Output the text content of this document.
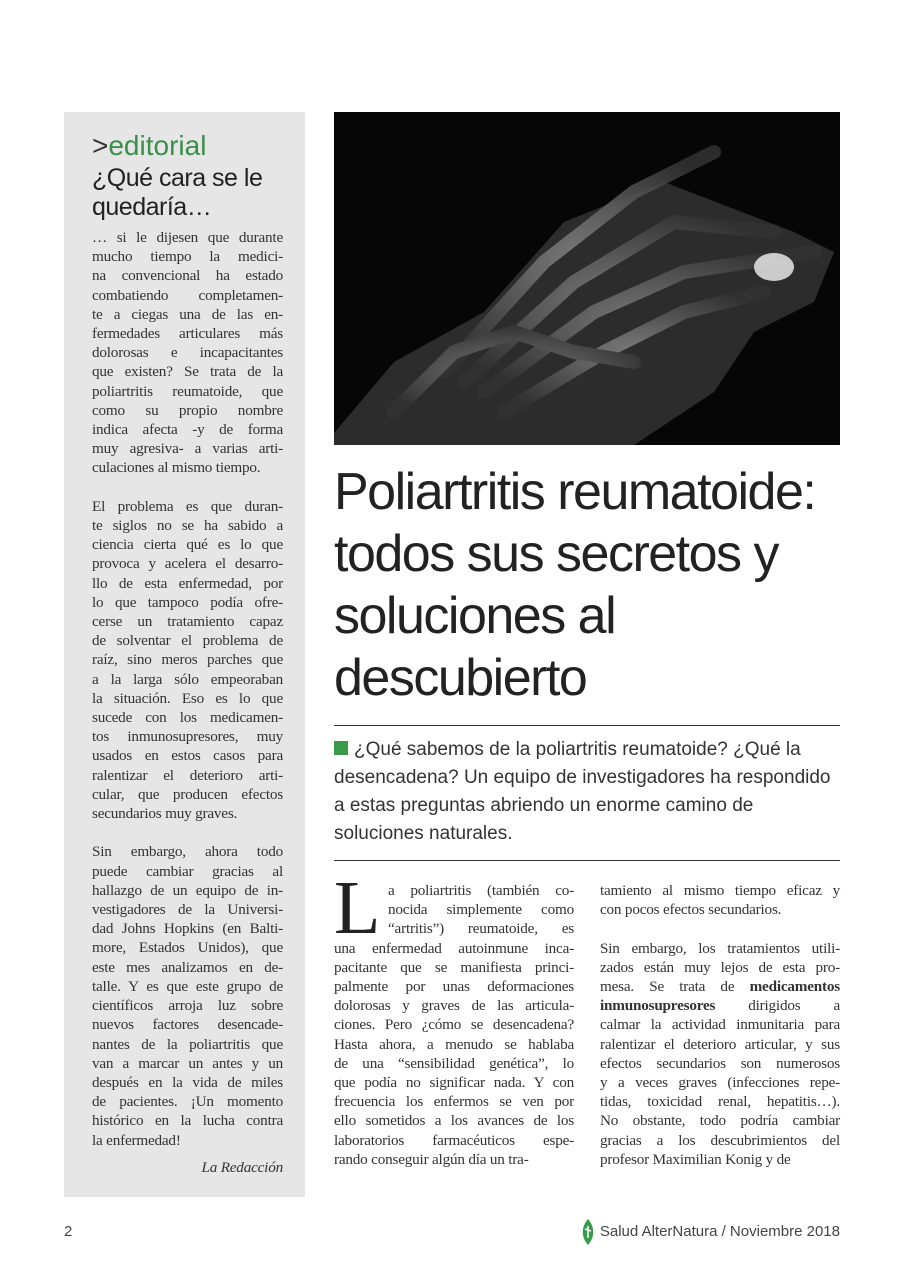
>editorial
¿Qué cara se le quedaría…
… si le dijesen que durante
mucho tiempo la medici-
na convencional ha estado
combatiendo completamen-
te a ciegas una de las en-
fermedades articulares más
dolorosas e incapacitantes
que existen? Se trata de la
poliartritis reumatoide, que
como su propio nombre
indica afecta -y de forma
muy agresiva- a varias arti-
culaciones al mismo tiempo.
El problema es que duran-
te siglos no se ha sabido a
ciencia cierta qué es lo que
provoca y acelera el desarro-
llo de esta enfermedad, por
lo que tampoco podía ofre-
cerse un tratamiento capaz
de solventar el problema de
raíz, sino meros parches que
a la larga sólo empeoraban
la situación. Eso es lo que
sucede con los medicamen-
tos inmunosupresores, muy
usados en estos casos para
ralentizar el deterioro arti-
cular, que producen efectos
secundarios muy graves.
Sin embargo, ahora todo
puede cambiar gracias al
hallazgo de un equipo de in-
vestigadores de la Universi-
dad Johns Hopkins (en Balti-
more, Estados Unidos), que
este mes analizamos en de-
talle. Y es que este grupo de
científicos arroja luz sobre
nuevos factores desencade-
nantes de la poliartritis que
van a marcar un antes y un
después en la vida de miles
de pacientes. ¡Un momento
histórico en la lucha contra
la enfermedad!
La Redacción
Poliartritis reumatoide: todos sus secretos y soluciones al descubierto
¿Qué sabemos de la poliartritis reumatoide? ¿Qué la desencadena? Un equipo de investigadores ha respondido a estas preguntas abriendo un enorme camino de soluciones naturales.
L a poliartritis (también co-
nocida simplemente como
“artritis”) reumatoide, es
una enfermedad autoinmune inca-
pacitante que se manifiesta princi-
palmente por unas deformaciones
dolorosas y graves de las articula-
ciones. Pero ¿cómo se desencadena?
Hasta ahora, a menudo se hablaba
de una “sensibilidad genética”, lo
que podía no significar nada. Y con
frecuencia los enfermos se ven por
ello sometidos a los avances de los
laboratorios farmacéuticos espe-
rando conseguir algún día un tra-
tamiento al mismo tiempo eficaz y
con pocos efectos secundarios.
Sin embargo, los tratamientos utili-
zados están muy lejos de esta pro-
mesa. Se trata de medicamentos
inmunosupresores dirigidos a
calmar la actividad inmunitaria para
ralentizar el deterioro articular, y sus
efectos secundarios son numerosos
y a veces graves (infecciones repe-
tidas, toxicidad renal, hepatitis…).
No obstante, todo podría cambiar
gracias a los descubrimientos del
profesor Maximilian Konig y de
2	Salud AlterNatura / Noviembre 2018
